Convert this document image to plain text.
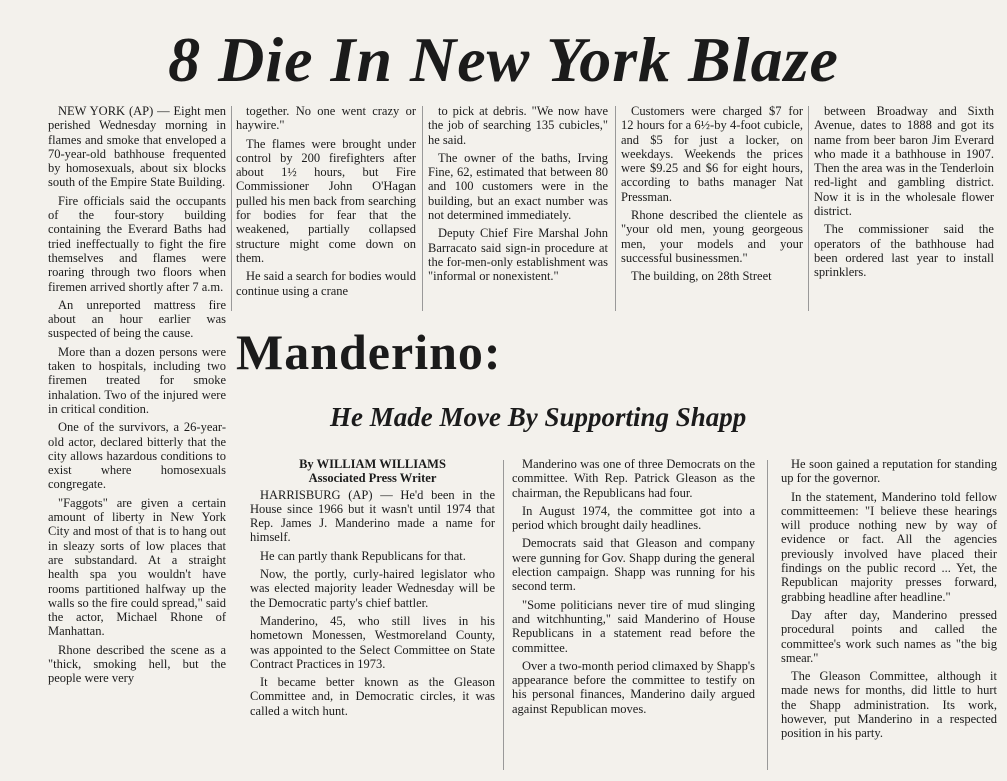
8 Die In New York Blaze

NEW YORK (AP) — Eight men perished Wednesday morning in flames and smoke that enveloped a 70-year-old bathhouse frequented by homosexuals, about six blocks south of the Empire State Building.

Fire officials said the occupants of the four-story building containing the Everard Baths had tried ineffectually to fight the fire themselves and flames were roaring through two floors when firemen arrived shortly after 7 a.m.

An unreported mattress fire about an hour earlier was suspected of being the cause.

More than a dozen persons were taken to hospitals, including two firemen treated for smoke inhalation. Two of the injured were in critical condition.

One of the survivors, a 26-year-old actor, declared bitterly that the city allows hazardous conditions to exist where homosexuals congregate.

"Faggots" are given a certain amount of liberty in New York City and most of that is to hang out in sleazy sorts of low places that are substandard. At a straight health spa you wouldn't have rooms partitioned halfway up the walls so the fire could spread," said the actor, Michael Rhone of Manhattan.

Rhone described the scene as a "thick, smoking hell, but the people were very

together. No one went crazy or haywire."

The flames were brought under control by 200 firefighters after about 1½ hours, but Fire Commissioner John O'Hagan pulled his men back from searching for bodies for fear that the weakened, partially collapsed structure might come down on them.

He said a search for bodies would continue using a crane

to pick at debris. "We now have the job of searching 135 cubicles," he said.

The owner of the baths, Irving Fine, 62, estimated that between 80 and 100 customers were in the building, but an exact number was not determined immediately.

Deputy Chief Fire Marshal John Barracato said sign-in procedure at the for-men-only establishment was "informal or nonexistent."

Customers were charged $7 for 12 hours for a 6½-by 4-foot cubicle, and $5 for just a locker, on weekdays. Weekends the prices were $9.25 and $6 for eight hours, according to baths manager Nat Pressman.

Rhone described the clientele as "your old men, young georgeous men, your models and your successful businessmen."

The building, on 28th Street

between Broadway and Sixth Avenue, dates to 1888 and got its name from beer baron Jim Everard who made it a bathhouse in 1907. Then the area was in the Tenderloin red-light and gambling district. Now it is in the wholesale flower district.

The commissioner said the operators of the bathhouse had been ordered last year to install sprinklers.

Manderino:
He Made Move By Supporting Shapp

By WILLIAM WILLIAMS

Associated Press Writer

HARRISBURG (AP) — He'd been in the House since 1966 but it wasn't until 1974 that Rep. James J. Manderino made a name for himself.

He can partly thank Republicans for that.

Now, the portly, curly-haired legislator who was elected majority leader Wednesday will be the Democratic party's chief battler.

Manderino, 45, who still lives in his hometown Monessen, Westmoreland County, was appointed to the Select Committee on State Contract Practices in 1973.

It became better known as the Gleason Committee and, in Democratic circles, it was called a witch hunt.

Manderino was one of three Democrats on the committee. With Rep. Patrick Gleason as the chairman, the Republicans had four.

In August 1974, the committee got into a period which brought daily headlines.

Democrats said that Gleason and company were gunning for Gov. Shapp during the general election campaign. Shapp was running for his second term.

"Some politicians never tire of mud slinging and witchhunting," said Manderino of House Republicans in a statement read before the committee.

Over a two-month period climaxed by Shapp's appearance before the committee to testify on his personal finances, Manderino daily argued against Republican moves.

He soon gained a reputation for standing up for the governor.

In the statement, Manderino told fellow committeemen: "I believe these hearings will produce nothing new by way of evidence or fact. All the agencies previously involved have placed their findings on the public record ... Yet, the Republican majority presses forward, grabbing headline after headline."

Day after day, Manderino pressed procedural points and called the committee's work such names as "the big smear."

The Gleason Committee, although it made news for months, did little to hurt the Shapp administration. Its work, however, put Manderino in a respected position in his party.
